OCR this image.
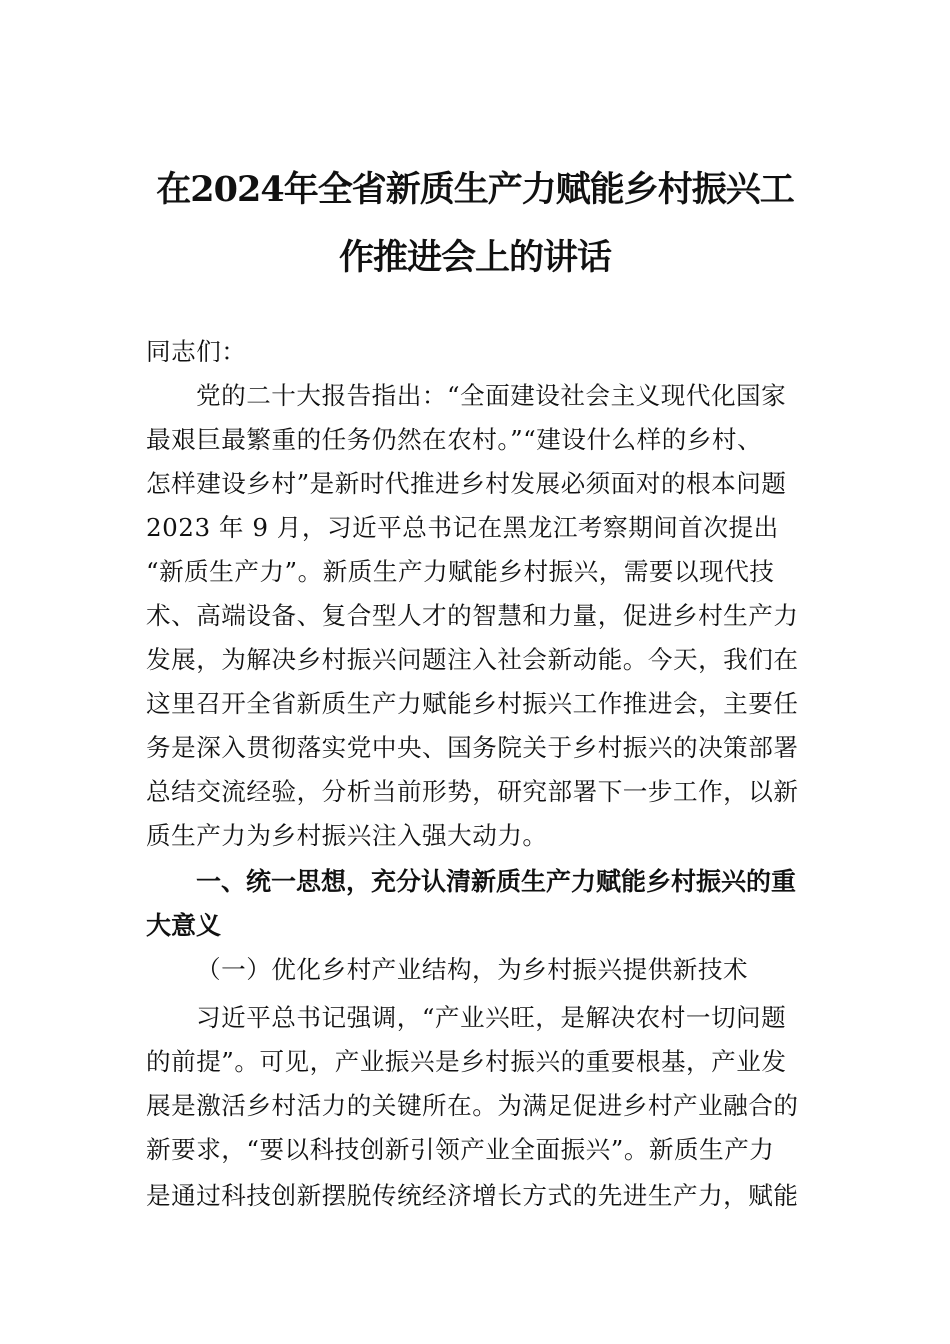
在2024年全省新质生产力赋能乡村振兴工
作推进会上的讲话
同志们：
党的二十大报告指出：“全面建设社会主义现代化国家
最艰巨最繁重的任务仍然在农村。”“建设什么样的乡村、
怎样建设乡村”是新时代推进乡村发展必须面对的根本问题
2023 年 9 月，习近平总书记在黑龙江考察期间首次提出
“新质生产力”。新质生产力赋能乡村振兴，需要以现代技
术、高端设备、复合型人才的智慧和力量，促进乡村生产力
发展，为解决乡村振兴问题注入社会新动能。今天，我们在
这里召开全省新质生产力赋能乡村振兴工作推进会，主要任
务是深入贯彻落实党中央、国务院关于乡村振兴的决策部署
总结交流经验，分析当前形势，研究部署下一步工作，以新
质生产力为乡村振兴注入强大动力。
一、统一思想，充分认清新质生产力赋能乡村振兴的重
大意义
（一）优化乡村产业结构，为乡村振兴提供新技术
习近平总书记强调，“产业兴旺，是解决农村一切问题
的前提”。可见，产业振兴是乡村振兴的重要根基，产业发
展是激活乡村活力的关键所在。为满足促进乡村产业融合的
新要求，“要以科技创新引领产业全面振兴”。新质生产力
是通过科技创新摆脱传统经济增长方式的先进生产力，赋能
